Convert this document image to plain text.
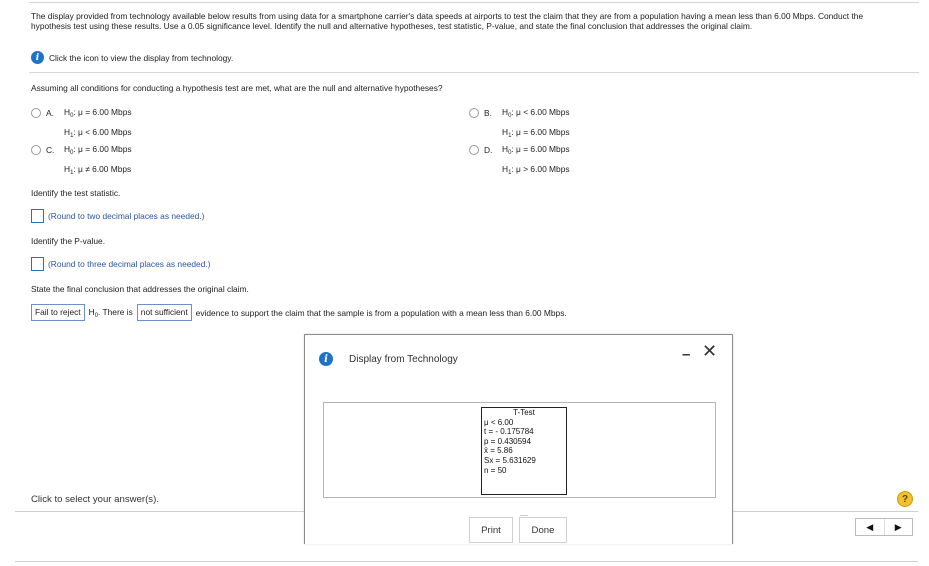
The display provided from technology available below results from using data for a smartphone carrier's data speeds at airports to test the claim that they are from a population having a mean less than 6.00 Mbps. Conduct the hypothesis test using these results. Use a 0.05 significance level. Identify the null and alternative hypotheses, test statistic, P-value, and state the final conclusion that addresses the original claim.
i	Click the icon to view the display from technology.
Assuming all conditions for conducting a hypothesis test are met, what are the null and alternative hypotheses?
A.	$H_0$: μ = 6.00 Mbps
$H_1$: μ < 6.00 Mbps
B.	$H_0$: μ < 6.00 Mbps
$H_1$: μ = 6.00 Mbps
C.	$H_0$: μ = 6.00 Mbps
$H_1$: μ ≠ 6.00 Mbps
D.	$H_0$: μ = 6.00 Mbps
$H_1$: μ > 6.00 Mbps
Identify the test statistic.
(Round to two decimal places as needed.)
Identify the P-value.
(Round to three decimal places as needed.)
State the final conclusion that addresses the original claim.
Fail to reject $H_0$. There is not sufficient evidence to support the claim that the sample is from a population with a mean less than 6.00 Mbps.
Click to select your answer(s).	?
◀	▶
i	Display from Technology	– ✕
T-Test
μ < 6.00
t = - 0.175784
p = 0.430594
x̄ = 5.86
Sx = 5.631629
n = 50
Print	Done
